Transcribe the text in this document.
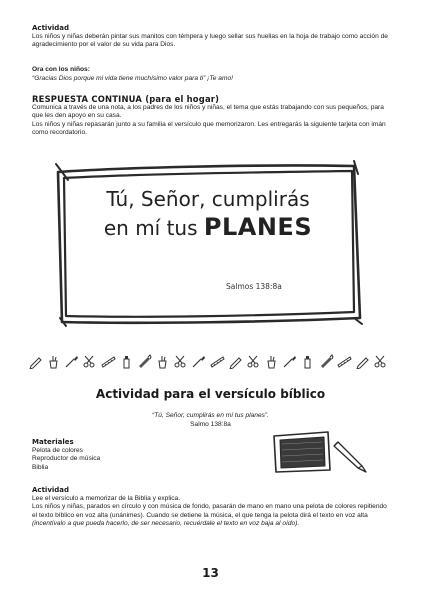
Actividad
Los niños y niñas deberán pintar sus manitos con témpera y luego sellar sus huellas en la hoja de trabajo como acción de agradecimiento por el valor de su vida para Dios.
Ora con los niños:
“Gracias Dios porque mi vida tiene muchísimo valor para ti” ¡Te amo!
RESPUESTA CONTINUA (para el hogar)
Comunica a través de una nota, a los padres de los niños y niñas, el tema que estás trabajando con sus pequeños, para que les den apoyo en su casa.
Los niños y niñas repasarán junto a su familia el versículo que memorizaron. Les entregarás la siguiente tarjeta con imán como recordatorio.
Tú, Señor, cumplirás
en mí tus PLANES
Salmos 138:8a
Actividad para el versículo bíblico
“Tú, Señor, cumplirás en mí tus planes”.
Salmo 138:8a
Materiales
Pelota de colores
Reproductor de música
Biblia
Actividad
Lee el versículo a memorizar de la Biblia y explica.
Los niños y niñas, parados en círculo y con música de fondo, pasarán de mano en mano una pelota de colores repitiendo el texto bíblico en voz alta (unánimes). Cuando se detiene la música, el que tenga la pelota dirá el texto en voz alta (incentívalo a que pueda hacerlo, de ser necesario, recuérdale el texto en voz baja al oído).
13
